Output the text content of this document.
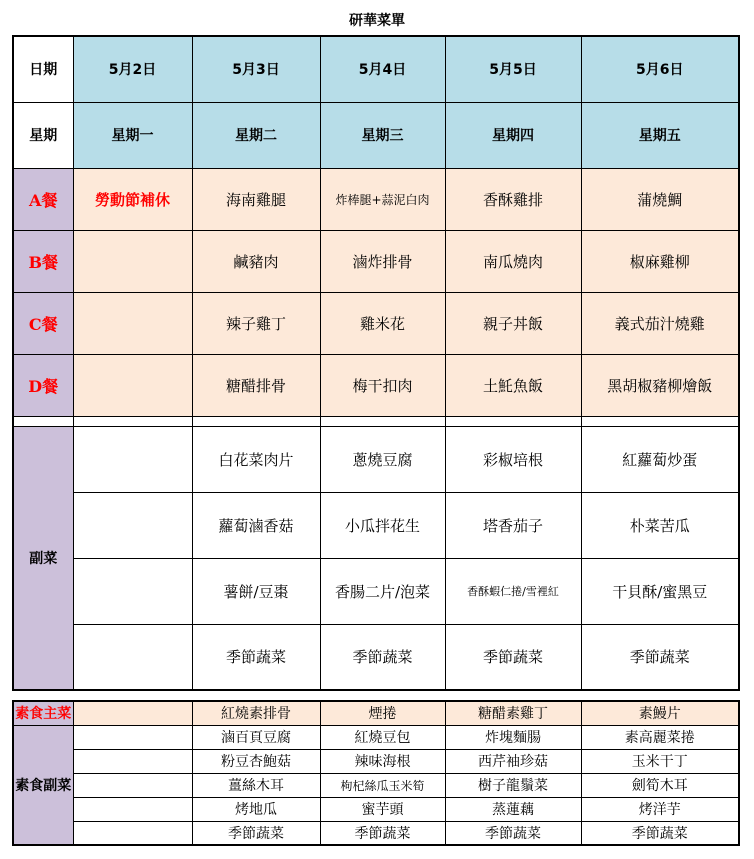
研華菜單
日期	5月2日	5月3日	5月4日	5月5日	5月6日
星期	星期一	星期二	星期三	星期四	星期五
A餐	勞動節補休	海南雞腿	炸棒腿+蒜泥白肉	香酥雞排	蒲燒鯛
B餐		鹹豬肉	滷炸排骨	南瓜燒肉	椒麻雞柳
C餐		辣子雞丁	雞米花	親子丼飯	義式茄汁燒雞
D餐		糖醋排骨	梅干扣肉	土魠魚飯	黑胡椒豬柳燴飯

副菜		白花菜肉片	蔥燒豆腐	彩椒培根	紅蘿蔔炒蛋
		蘿蔔滷香菇	小瓜拌花生	塔香茄子	朴菜苦瓜
		薯餅/豆棗	香腸二片/泡菜	香酥蝦仁捲/雪裡紅	干貝酥/蜜黑豆
		季節蔬菜	季節蔬菜	季節蔬菜	季節蔬菜
素食主菜		紅燒素排骨	煙捲	糖醋素雞丁	素鰻片
素食副菜		滷百頁豆腐	紅燒豆包	炸塊麵腸	素高麗菜捲
		粉豆杏鮑菇	辣味海根	西芹袖珍菇	玉米干丁
		薑絲木耳	枸杞絲瓜玉米筍	樹子龍鬚菜	劍筍木耳
		烤地瓜	蜜芋頭	蒸蓮藕	烤洋芋
		季節蔬菜	季節蔬菜	季節蔬菜	季節蔬菜
